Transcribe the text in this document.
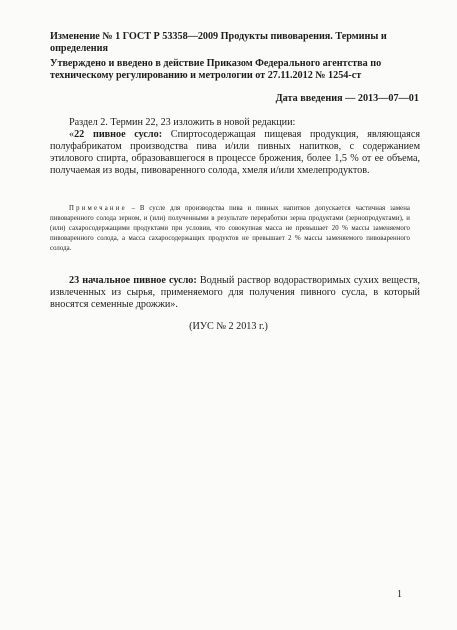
Изменение № 1 ГОСТ Р 53358—2009 Продукты пивоварения. Термины и определения
Утверждено и введено в действие Приказом Федерального агентства по техническому регулированию и метрологии от 27.11.2012 № 1254-ст
Дата введения — 2013—07—01
Раздел 2. Термин 22, 23 изложить в новой редакции:
«22 пивное сусло: Спиртосодержащая пищевая продукция, являющаяся полуфабрикатом производства пива и/или пивных напитков, с содержанием этилового спирта, образовавшегося в процессе брожения, более 1,5 % от ее объема, получаемая из воды, пивоваренного солода, хмеля и/или хмелепродуктов.
Примечание – В сусле для производства пива и пивных напитков допускается частичная замена пивоваренного солода зерном, и (или) полученными в результате переработки зерна продуктами (зернопродуктами), и (или) сахаросодержащими продуктами при условии, что совокупная масса не превышает 20 % массы заменяемого пивоваренного солода, а масса сахаросодержащих продуктов не превышает 2 % массы заменяемого пивоваренного солода.
23 начальное пивное сусло: Водный раствор водорастворимых сухих веществ, извлеченных из сырья, применяемого для получения пивного сусла, в который вносятся семенные дрожжи».
(ИУС № 2 2013 г.)
1
